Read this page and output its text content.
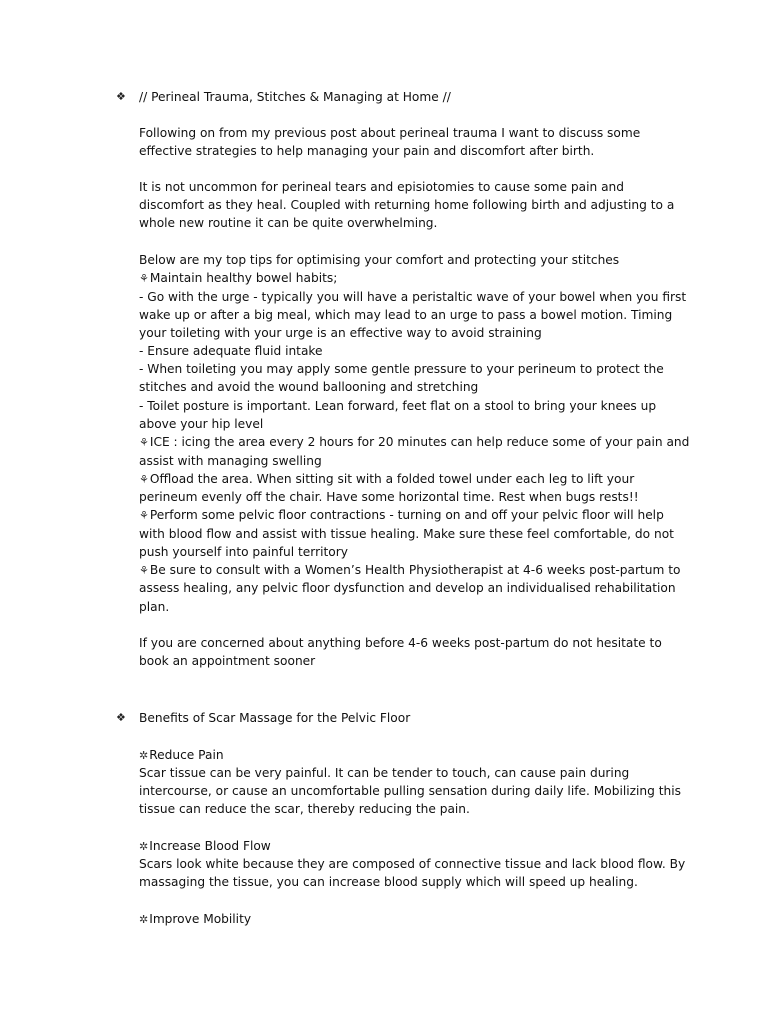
❖ // Perineal Trauma, Stitches & Managing at Home //
Following on from my previous post about perineal trauma I want to discuss some
effective strategies to help managing your pain and discomfort after birth.
It is not uncommon for perineal tears and episiotomies to cause some pain and
discomfort as they heal. Coupled with returning home following birth and adjusting to a
whole new routine it can be quite overwhelming.
Below are my top tips for optimising your comfort and protecting your stitches
⚘Maintain healthy bowel habits;
- Go with the urge - typically you will have a peristaltic wave of your bowel when you first
wake up or after a big meal, which may lead to an urge to pass a bowel motion. Timing
your toileting with your urge is an effective way to avoid straining
- Ensure adequate fluid intake
- When toileting you may apply some gentle pressure to your perineum to protect the
stitches and avoid the wound ballooning and stretching
- Toilet posture is important. Lean forward, feet flat on a stool to bring your knees up
above your hip level
⚘ICE : icing the area every 2 hours for 20 minutes can help reduce some of your pain and
assist with managing swelling
⚘Offload the area. When sitting sit with a folded towel under each leg to lift your
perineum evenly off the chair. Have some horizontal time. Rest when bugs rests!!
⚘Perform some pelvic floor contractions - turning on and off your pelvic floor will help
with blood flow and assist with tissue healing. Make sure these feel comfortable, do not
push yourself into painful territory
⚘Be sure to consult with a Women’s Health Physiotherapist at 4-6 weeks post-partum to
assess healing, any pelvic floor dysfunction and develop an individualised rehabilitation
plan.
If you are concerned about anything before 4-6 weeks post-partum do not hesitate to
book an appointment sooner
❖ Benefits of Scar Massage for the Pelvic Floor
✲Reduce Pain
Scar tissue can be very painful. It can be tender to touch, can cause pain during
intercourse, or cause an uncomfortable pulling sensation during daily life. Mobilizing this
tissue can reduce the scar, thereby reducing the pain.
✲Increase Blood Flow
Scars look white because they are composed of connective tissue and lack blood flow. By
massaging the tissue, you can increase blood supply which will speed up healing.
✲Improve Mobility
